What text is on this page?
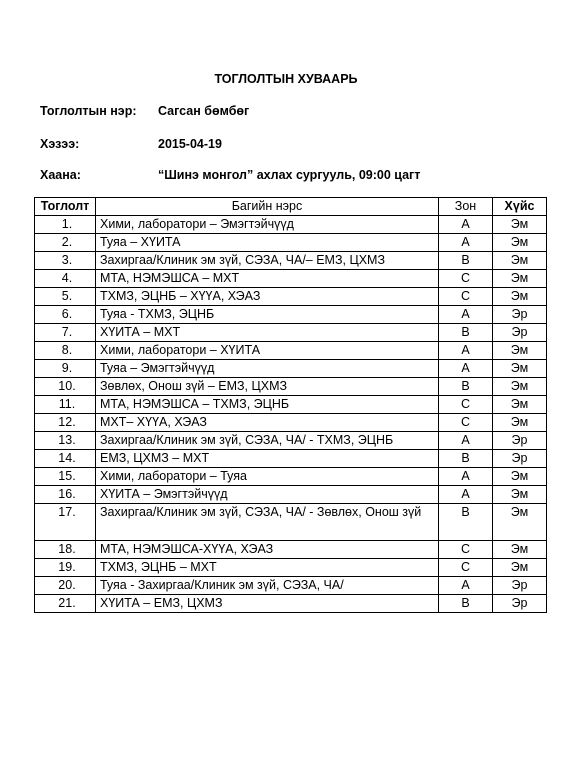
ТОГЛОЛТЫН ХУВААРЬ
Тоглолтын нэр: Сагсан бөмбөг
Хэзээ:	2015-04-19
Хаана:	“Шинэ монгол” ахлах сургууль, 09:00 цагт
Тоглолт	Багийн нэрс	Зон	Хүйс
1.	Хими, лаборатори – Эмэгтэйчүүд	A	Эм
2.	Туяа – ХҮИТА	A	Эм
3.	Захиргаа/Клиник эм зүй, СЭЗА, ЧА/– ЕМЗ, ЦХМЗ	B	Эм
4.	МТА, НЭМЭШСА – МХТ	C	Эм
5.	ТХМЗ, ЭЦНБ – ХҮҮА, ХЭАЗ	C	Эм
6.	Туяа - ТХМЗ, ЭЦНБ	A	Эр
7.	ХҮИТА – МХТ	B	Эр
8.	Хими, лаборатори – ХҮИТА	A	Эм
9.	Туяа – Эмэгтэйчүүд	A	Эм
10.	Зөвлөх, Онош зүй – ЕМЗ, ЦХМЗ	B	Эм
11.	МТА, НЭМЭШСА – ТХМЗ, ЭЦНБ	C	Эм
12.	МХТ– ХҮҮА, ХЭАЗ	C	Эм
13.	Захиргаа/Клиник эм зүй, СЭЗА, ЧА/ - ТХМЗ, ЭЦНБ	A	Эр
14.	ЕМЗ, ЦХМЗ – МХТ	B	Эр
15.	Хими, лаборатори – Туяа	A	Эм
16.	ХҮИТА – Эмэгтэйчүүд	A	Эм
17.	Захиргаа/Клиник эм зүй, СЭЗА, ЧА/ - Зөвлөх, Онош зүй	B	Эм
18.	МТА, НЭМЭШСА-ХҮҮА, ХЭАЗ	C	Эм
19.	ТХМЗ, ЭЦНБ – МХТ	C	Эм
20.	Туяа - Захиргаа/Клиник эм зүй, СЭЗА, ЧА/	A	Эр
21.	ХҮИТА – ЕМЗ, ЦХМЗ	B	Эр
